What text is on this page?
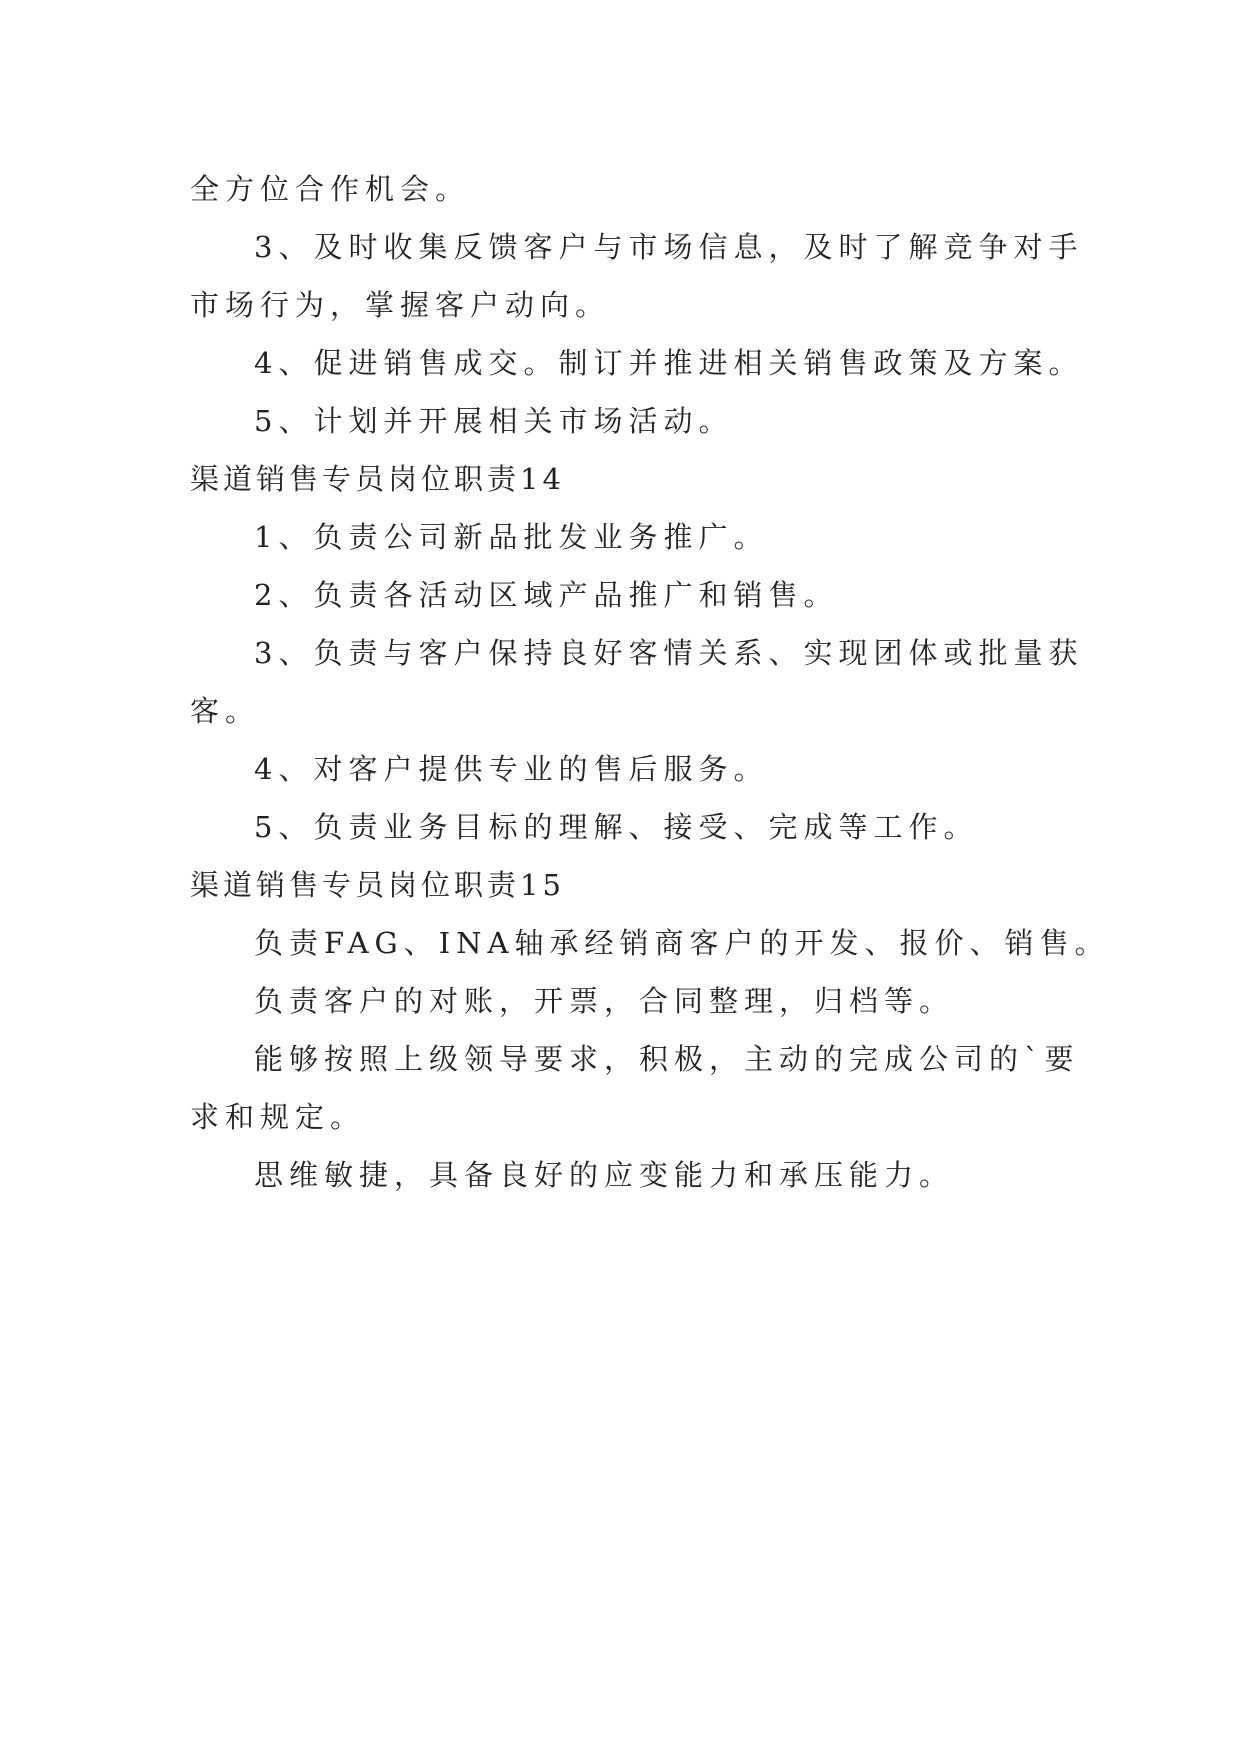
全方位合作机会。
3、及时收集反馈客户与市场信息，及时了解竞争对手
市场行为，掌握客户动向。
4、促进销售成交。制订并推进相关销售政策及方案。
5、计划并开展相关市场活动。
渠道销售专员岗位职责14
1、负责公司新品批发业务推广。
2、负责各活动区域产品推广和销售。
3、负责与客户保持良好客情关系、实现团体或批量获
客。
4、对客户提供专业的售后服务。
5、负责业务目标的理解、接受、完成等工作。
渠道销售专员岗位职责15
负责FAG、INA轴承经销商客户的开发、报价、销售。
负责客户的对账，开票，合同整理，归档等。
能够按照上级领导要求，积极，主动的完成公司的`要
求和规定。
思维敏捷，具备良好的应变能力和承压能力。
